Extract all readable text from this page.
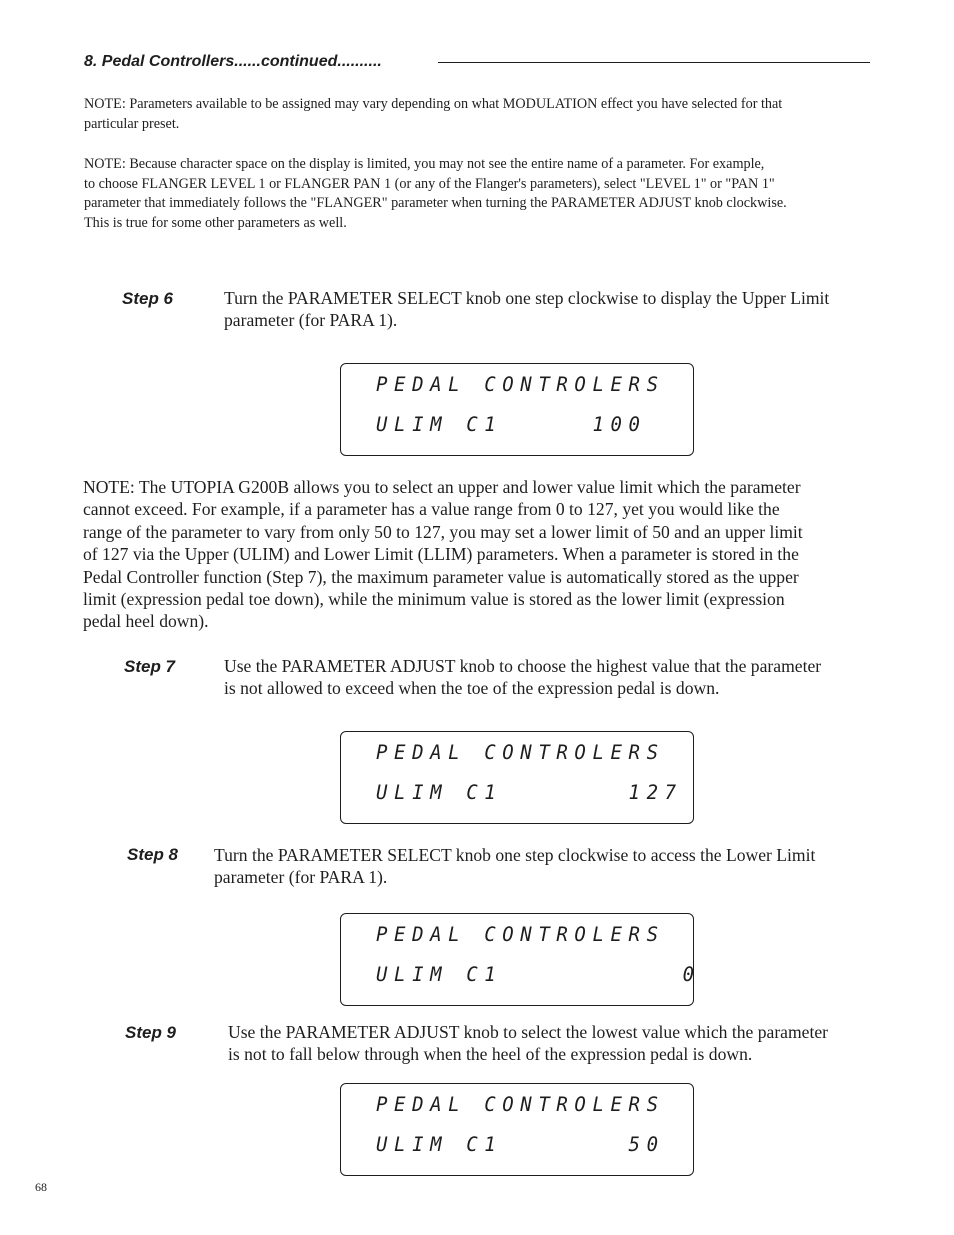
8. Pedal Controllers......continued..........

NOTE: Parameters available to be assigned may vary depending on what MODULATION effect you have selected for that

particular preset.

NOTE: Because character space on the display is limited, you may not see the entire name of a parameter. For example,

to choose FLANGER LEVEL 1 or FLANGER PAN 1 (or any of the Flanger's parameters), select "LEVEL 1" or "PAN 1"

parameter that immediately follows the "FLANGER" parameter when turning the PARAMETER ADJUST knob clockwise.

This is true for some other parameters as well.

Step 6	Turn the PARAMETER SELECT knob one step clockwise to display the Upper Limit

parameter (for PARA 1).

PEDAL CONTROLERS
ULIM C1     100

NOTE: The UTOPIA G200B allows you to select an upper and lower value limit which the parameter

cannot exceed. For example, if a parameter has a value range from 0 to 127, yet you would like the

range of the parameter to vary from only 50 to 127, you may set a lower limit of 50 and an upper limit

of 127 via the Upper (ULIM) and Lower Limit (LLIM) parameters. When a parameter is stored in the

Pedal Controller function (Step 7), the maximum parameter value is automatically stored as the upper

limit (expression pedal toe down), while the minimum value is stored as the lower limit (expression

pedal heel down).

Step 7	Use the PARAMETER ADJUST knob to choose the highest value that the parameter

is not allowed to exceed when the toe of the expression pedal is down.

PEDAL CONTROLERS
ULIM C1       127
Step 8 Turn the PARAMETER SELECT knob one step clockwise to access the Lower Limit

parameter (for PARA 1).

PEDAL CONTROLERS
ULIM C1          0
Step 9	Use the PARAMETER ADJUST knob to select the lowest value which the parameter

is not to fall below through when the heel of the expression pedal is down.

PEDAL CONTROLERS
ULIM C1       50
68
